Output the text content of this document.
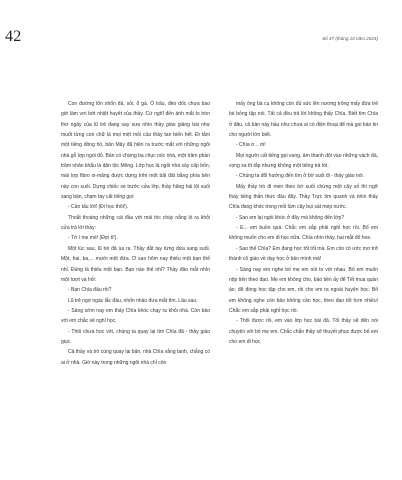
42	Số 47 (tháng 10 năm 2024)

Con đường lổn nhổn đá, sỏi, ổ gà. Ổ trâu, đèo dốc chưa bao giờ làm vơi bớt nhiệt huyết của thầy. Cứ nghĩ đến ánh mắt to tròn thơ ngây của lũ trẻ đang say sưa nhìn thầy giáo giảng bài như muốt từng con chữ là mọi mệt mỏi của thầy tan biến hết. Đi tắm một tiếng đồng hồ, bản Mây đã hiện ra trước mắt với những ngôi nhà gỗ lợp ngói đỏ. Bản có chừng ba chục nóc nhà, một trăm phần trăm nhân khẩu là dân tộc Mông. Lớp học là ngôi nhà xây cấp bốn, mái lợp fibro xi-măng được dựng trên một bãi đất bằng phía bên này con suối. Dựng chiếc xe trước cửa lớp, thầy hăng hái lội suối sang bản, chạm tay cất tiếng gọi:

- Cần tấu lớt! (Đi học thôi!).

Thoắt thoáng những cái đầu với mái tóc cháy nắng ló ra khỏi cửa trả lời thầy:

- Tớ ì me mé! (Đợi tí!).

Một lúc sau, lũ trẻ đã ùa ra. Thầy dắt tay từng đứa sang suối. Một, hai, ba,... mười một đứa. Ơ sao hôm nay thiếu một bạn thế nhỉ. Đúng là thiếu một bạn. Bạn nào thế nhỉ? Thầy đảo mắt nhìn một lượt và hỏi:

- Bạn Chìa đâu rồi?

Lũ trẻ ngơ ngác lắc đầu, nhốn nháo đưa mắt tìm. Lâu sau:

- Sáng sớm nay em thấy Chìa khóc chạy ra khỏi nhà. Còn bảo với em chắc sẽ nghỉ học.

- Thôi chưa học với, chúng ta quay lại tìm Chìa đã - thầy giáo giục.

Cả thầy và trò cùng quay lại bản, nhà Chìa vắng tanh, chẳng có ai ở nhà. Giờ này trong những ngôi nhà chỉ còn

mấy ông bà cụ không còn đủ sức lên nương trông mấy đứa trẻ bé bỏng tập nói. Tất cả đều trả lời không thấy Chìa. Biết tìm Chìa ở đâu, cả bản này hầu như chưa ai có điện thoại để mà gọi báo tin cho người lớn biết.

- Chìa ơ... ơi!

Mọi người cất tiếng gọi vang, âm thanh dội vào những vách đá, vọng xa tít tắp nhưng không một tiếng trả lời.

- Chúng ta đổi hướng đến tìm ở bờ suối đi - thầy giáo nói.

Mấy thầy trò đi men theo bờ suối chừng một cây số thì ngỡ thấy tiếng thấn thức đâu đây. Thầy Trực tìm quanh và nhìn thấy Chìa đang khóc trong mỏi lùm cây bụi sát mép nước.

- Sao em lại ngồi khóc ở đây mà không đến lớp?

- E... em buồn quá. Chắc em sắp phải nghỉ học rồi. Bố em không muốn cho em đi học nữa. Chìa nhìn thầy, hai mắt đỏ hoe.

- Sao thế Chìa? Em đang học tốt tốt mà. Em còn có ước mơ trở thành cô giáo về dạy học ở bản mình mà!

- Sáng nay em nghe bố mẹ em nói to với nhau. Bố em muốn nộp tiền theo đạo. Mẹ em không cho, bảo tiền ấy để Tết mua quần áo, để đóng học tập cho em, rồi cho em ra ngoài huyện học. Bố em không nghe còn bảo không cần học, theo đạo tốt hơn nhiều! Chắc em sắp phải nghỉ học rồi.

- Thôi được rồi, em vào lớp học bài đã. Tối thầy sẽ đến nói chuyện với bố mẹ em. Chắc chắn thầy sẽ thuyết phục được bố em cho em đi học.
